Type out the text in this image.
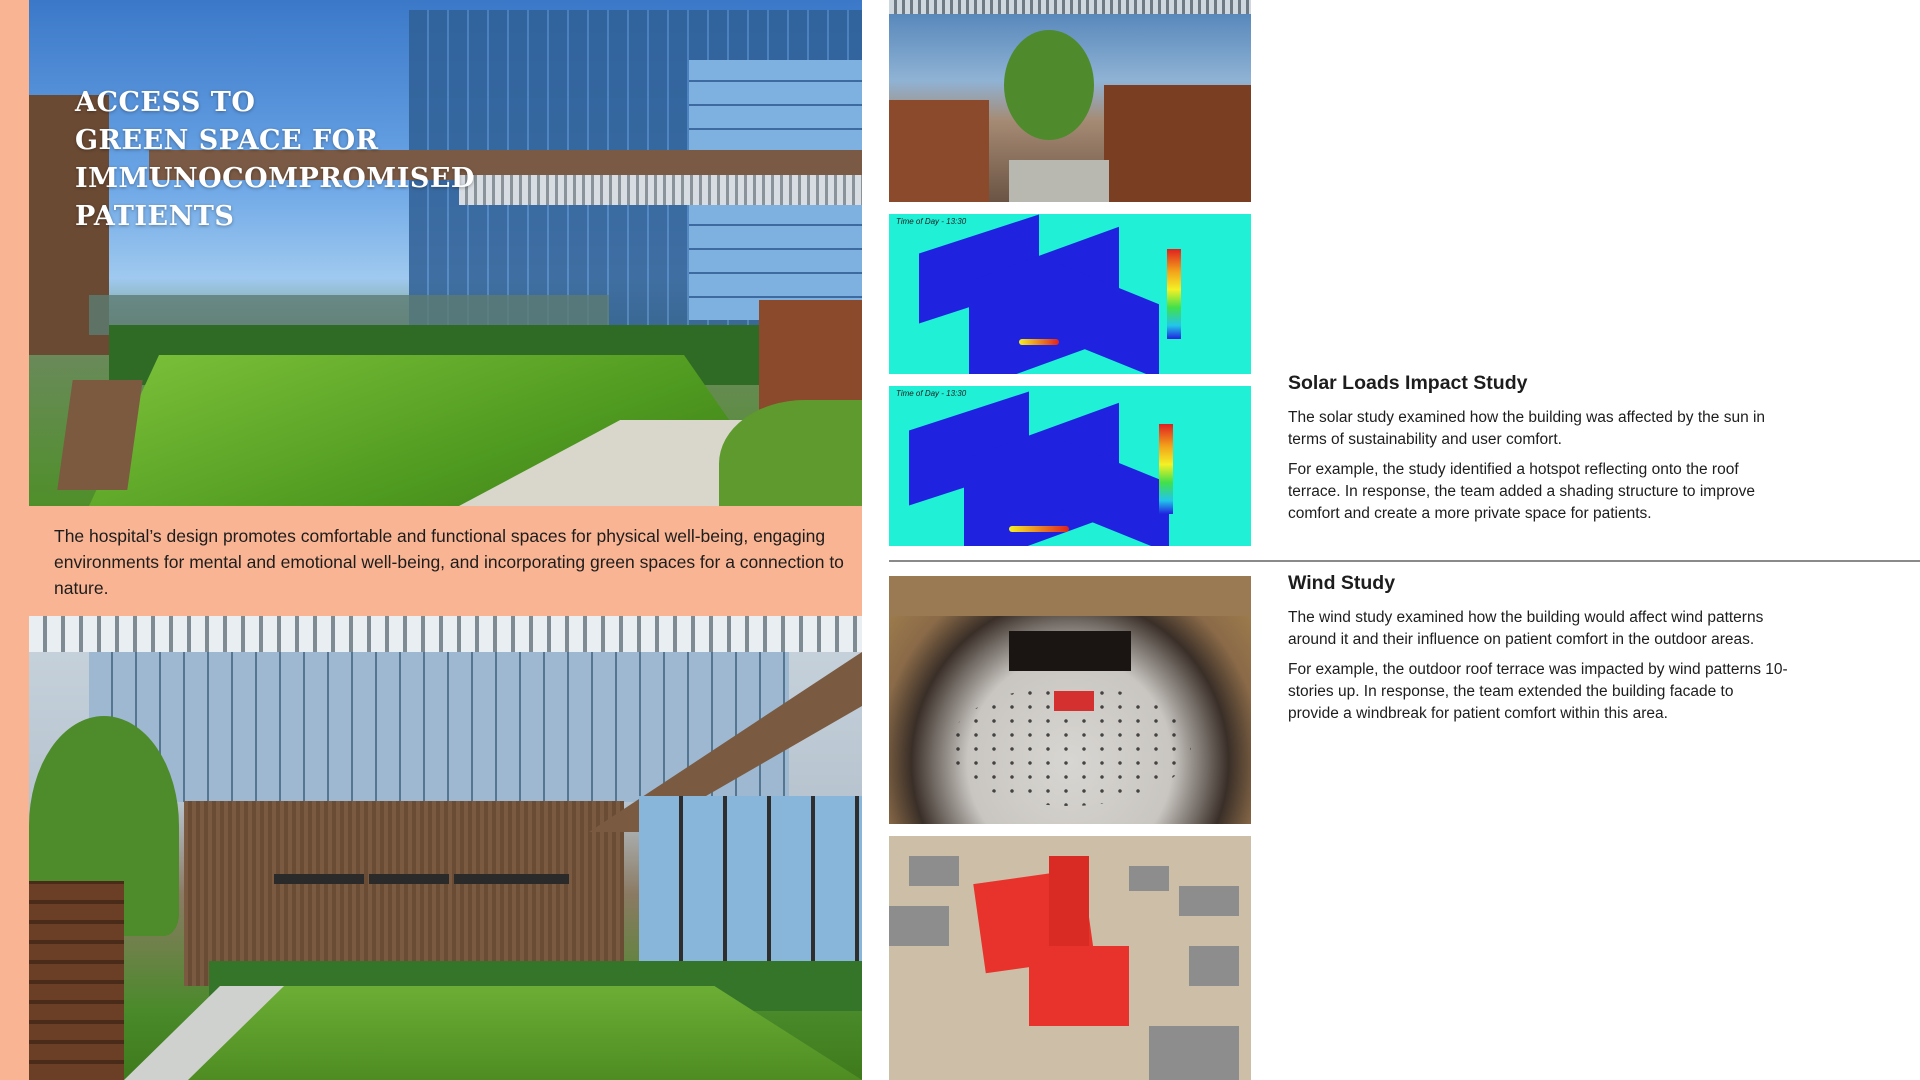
ACCESS TO
GREEN SPACE FOR
IMMUNOCOMPROMISED
PATIENTS

The hospital’s design promotes comfortable and functional spaces for physical well-being, engaging environments for mental and emotional well-being, and incorporating green spaces for a connection to nature.

Time of Day - 13:30
Time of Day - 13:30	Solar Loads Impact Study

The solar study examined how the building was affected by the sun in terms of sustainability and user comfort.

For example, the study identified a hotspot reflecting onto the roof terrace. In response, the team added a shading structure to improve comfort and create a more private space for patients.

Wind Study

The wind study examined how the building would affect wind patterns around it and their influence on patient comfort in the outdoor areas.

For example, the outdoor roof terrace was impacted by wind patterns 10-stories up. In response, the team extended the building facade to provide a windbreak for patient comfort within this area.
